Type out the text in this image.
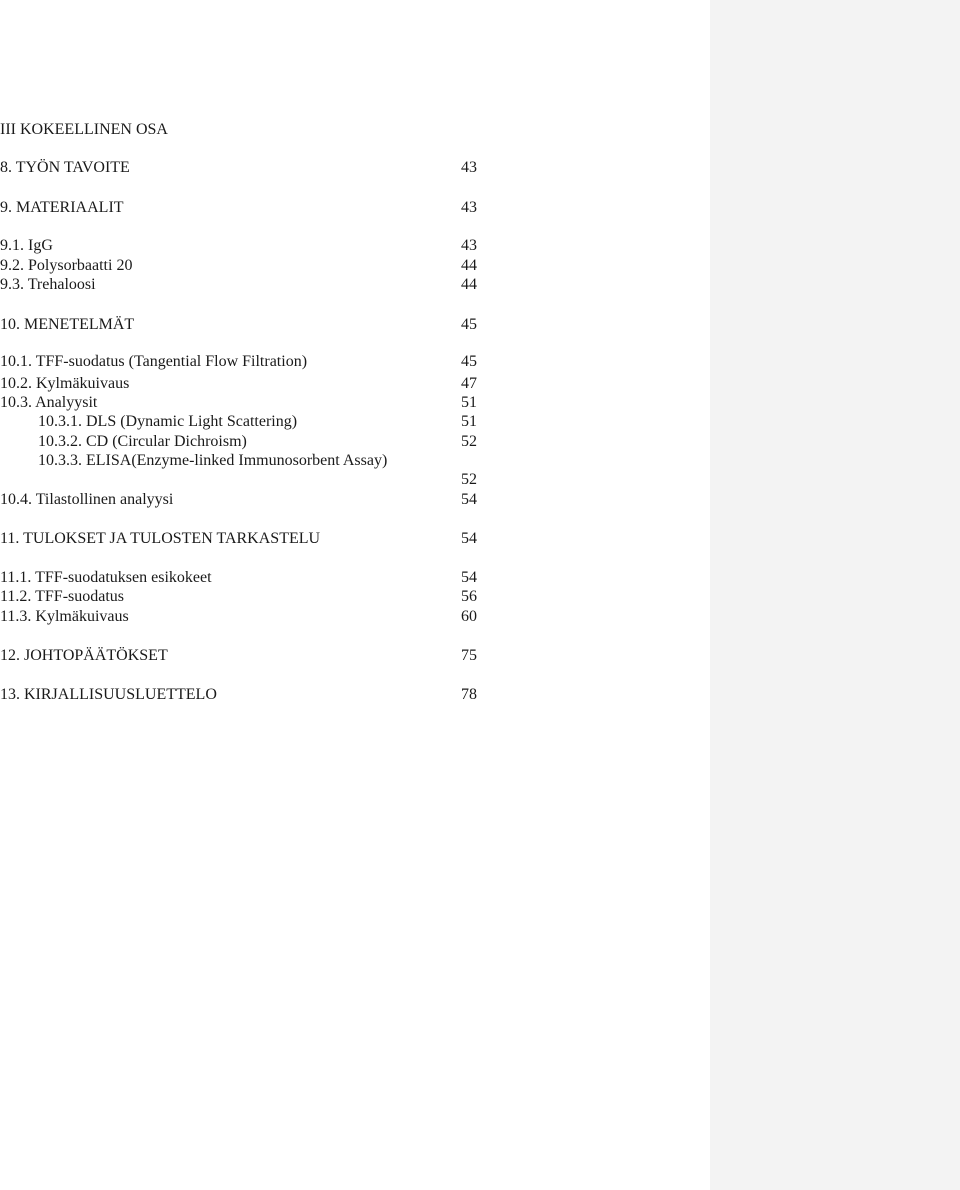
III KOKEELLINEN OSA
8. TYÖN TAVOITE	43
9. MATERIAALIT	43
9.1. IgG	43
9.2. Polysorbaatti 20	44
9.3. Trehaloosi	44
10. MENETELMÄT	45
10.1. TFF-suodatus (Tangential Flow Filtration)	45
10.2. Kylmäkuivaus	47
10.3. Analyysit	51
10.3.1. DLS (Dynamic Light Scattering)	51
10.3.2. CD (Circular Dichroism)	52
10.3.3. ELISA(Enzyme-linked Immunosorbent Assay)
52
10.4. Tilastollinen analyysi	54
11. TULOKSET JA TULOSTEN TARKASTELU	54
11.1. TFF-suodatuksen esikokeet	54
11.2. TFF-suodatus	56
11.3. Kylmäkuivaus	60
12. JOHTOPÄÄTÖKSET	75
13. KIRJALLISUUSLUETTELO	78
